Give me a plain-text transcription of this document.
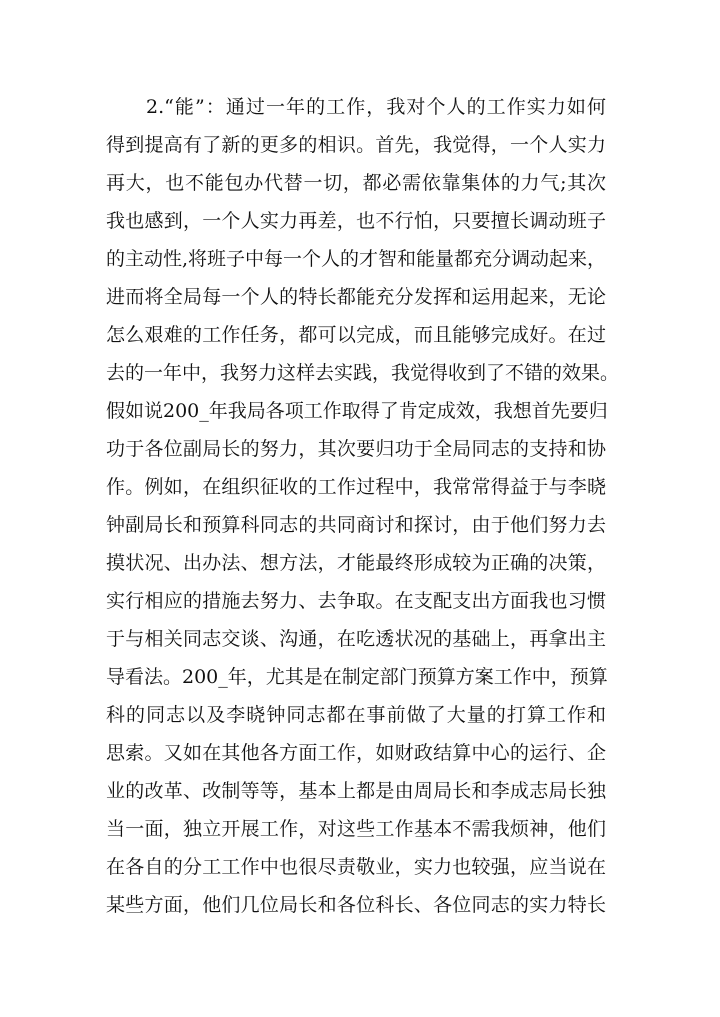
2.“能”：通过一年的工作，我对个人的工作实力如何
得到提高有了新的更多的相识。首先，我觉得，一个人实力
再大，也不能包办代替一切，都必需依靠集体的力气;其次
我也感到，一个人实力再差，也不行怕，只要擅长调动班子
的主动性,将班子中每一个人的才智和能量都充分调动起来，
进而将全局每一个人的特长都能充分发挥和运用起来，无论
怎么艰难的工作任务，都可以完成，而且能够完成好。在过
去的一年中，我努力这样去实践，我觉得收到了不错的效果。
假如说200_年我局各项工作取得了肯定成效，我想首先要归
功于各位副局长的努力，其次要归功于全局同志的支持和协
作。例如，在组织征收的工作过程中，我常常得益于与李晓
钟副局长和预算科同志的共同商讨和探讨，由于他们努力去
摸状况、出办法、想方法，才能最终形成较为正确的决策，
实行相应的措施去努力、去争取。在支配支出方面我也习惯
于与相关同志交谈、沟通，在吃透状况的基础上，再拿出主
导看法。200_年，尤其是在制定部门预算方案工作中，预算
科的同志以及李晓钟同志都在事前做了大量的打算工作和
思索。又如在其他各方面工作，如财政结算中心的运行、企
业的改革、改制等等，基本上都是由周局长和李成志局长独
当一面，独立开展工作，对这些工作基本不需我烦神，他们
在各自的分工工作中也很尽责敬业，实力也较强，应当说在
某些方面，他们几位局长和各位科长、各位同志的实力特长
